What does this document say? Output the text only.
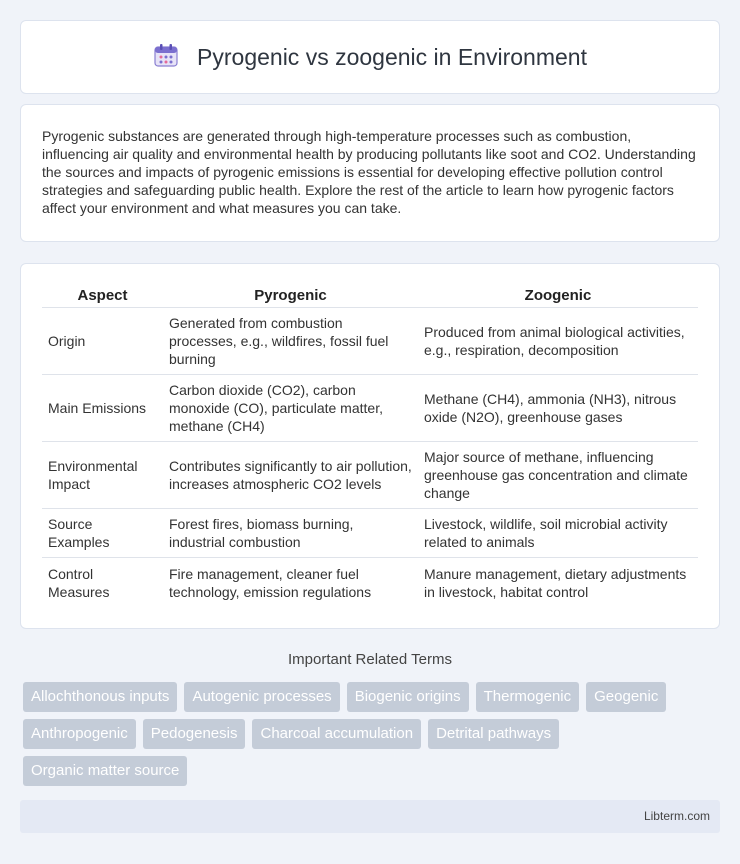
Pyrogenic vs zoogenic in Environment

Pyrogenic substances are generated through high-temperature processes such as combustion, influencing air quality and environmental health by producing pollutants like soot and CO2. Understanding the sources and impacts of pyrogenic emissions is essential for developing effective pollution control strategies and safeguarding public health. Explore the rest of the article to learn how pyrogenic factors affect your environment and what measures you can take.

Aspect	Pyrogenic	Zoogenic
Origin	Generated from combustion processes, e.g., wildfires, fossil fuel burning	Produced from animal biological activities, e.g., respiration, decomposition
Main Emissions	Carbon dioxide (CO2), carbon monoxide (CO), particulate matter, methane (CH4)	Methane (CH4), ammonia (NH3), nitrous oxide (N2O), greenhouse gases
Environmental Impact	Contributes significantly to air pollution, increases atmospheric CO2 levels	Major source of methane, influencing greenhouse gas concentration and climate change
Source Examples	Forest fires, biomass burning, industrial combustion	Livestock, wildlife, soil microbial activity related to animals
Control Measures	Fire management, cleaner fuel technology, emission regulations	Manure management, dietary adjustments in livestock, habitat control
Important Related Terms
Allochthonous inputs	Autogenic processes	Biogenic origins	Thermogenic	Geogenic
Anthropogenic	Pedogenesis	Charcoal accumulation	Detrital pathways
Organic matter source
Libterm.com
